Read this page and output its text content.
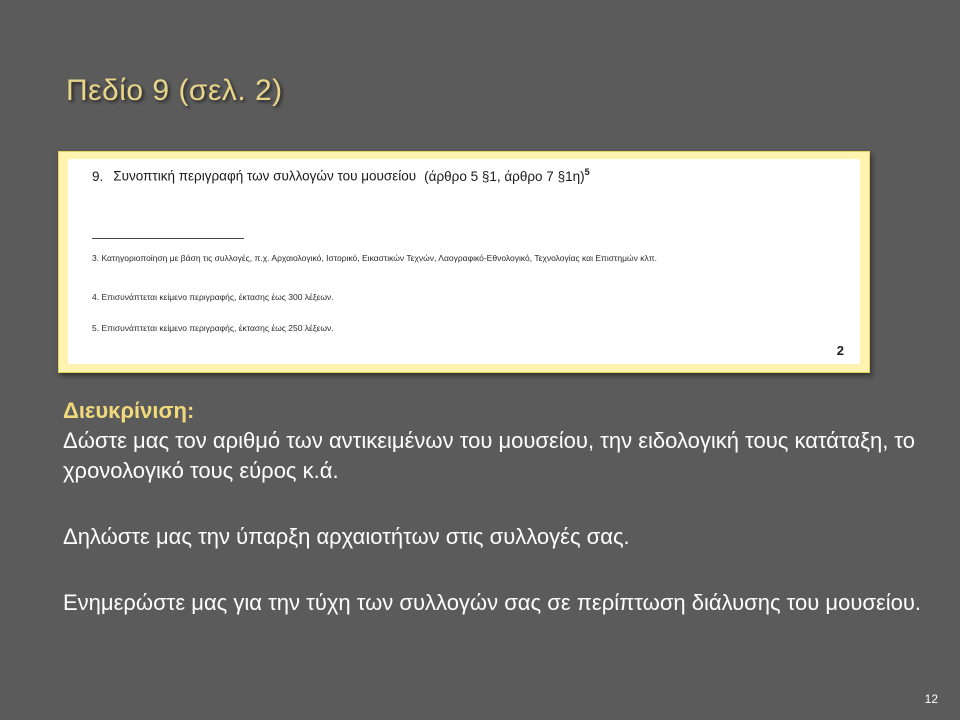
Πεδίο 9 (σελ. 2)
9. Συνοπτική περιγραφή των συλλογών του μουσείου (άρθρο 5 §1, άρθρο 7 §1η)$^5$
3. Κατηγοριοποίηση με βάση τις συλλογές, π.χ. Αρχαιολογικό, Ιστορικό, Εικαστικών Τεχνών, Λαογραφικό-Εθνολογικό, Τεχνολογίας και Επιστημών κλπ.
4. Επισυνάπτεται κείμενο περιγραφής, έκτασης έως 300 λέξεων.
5. Επισυνάπτεται κείμενο περιγραφής, έκτασης έως 250 λέξεων.
2
Διευκρίνιση:
Δώστε μας τον αριθμό των αντικειμένων του μουσείου, την ειδολογική τους κατάταξη, το χρονολογικό τους εύρος κ.ά.
Δηλώστε μας την ύπαρξη αρχαιοτήτων στις συλλογές σας.
Ενημερώστε μας για την τύχη των συλλογών σας σε περίπτωση διάλυσης του μουσείου.
12
